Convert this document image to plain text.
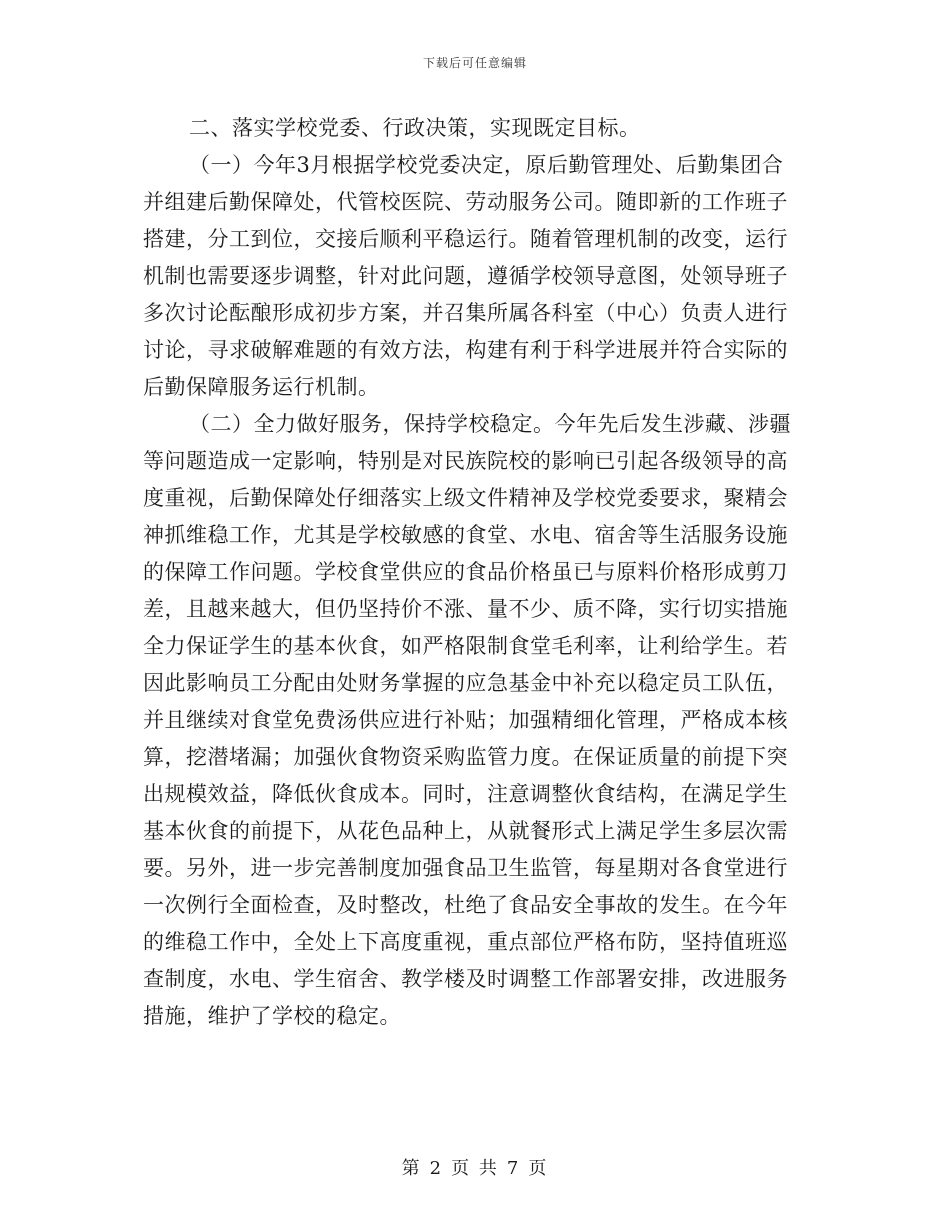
下载后可任意编辑
二、落实学校党委、行政决策，实现既定目标。
（一）今年3月根据学校党委决定，原后勤管理处、后勤集团合
并组建后勤保障处，代管校医院、劳动服务公司。随即新的工作班子
搭建，分工到位，交接后顺利平稳运行。随着管理机制的改变，运行
机制也需要逐步调整，针对此问题，遵循学校领导意图，处领导班子
多次讨论酝酿形成初步方案，并召集所属各科室（中心）负责人进行
讨论，寻求破解难题的有效方法，构建有利于科学进展并符合实际的
后勤保障服务运行机制。
（二）全力做好服务，保持学校稳定。今年先后发生涉藏、涉疆
等问题造成一定影响，特别是对民族院校的影响已引起各级领导的高
度重视，后勤保障处仔细落实上级文件精神及学校党委要求，聚精会
神抓维稳工作，尤其是学校敏感的食堂、水电、宿舍等生活服务设施
的保障工作问题。学校食堂供应的食品价格虽已与原料价格形成剪刀
差，且越来越大，但仍坚持价不涨、量不少、质不降，实行切实措施
全力保证学生的基本伙食，如严格限制食堂毛利率，让利给学生。若
因此影响员工分配由处财务掌握的应急基金中补充以稳定员工队伍，
并且继续对食堂免费汤供应进行补贴；加强精细化管理，严格成本核
算，挖潜堵漏；加强伙食物资采购监管力度。在保证质量的前提下突
出规模效益，降低伙食成本。同时，注意调整伙食结构，在满足学生
基本伙食的前提下，从花色品种上，从就餐形式上满足学生多层次需
要。另外，进一步完善制度加强食品卫生监管，每星期对各食堂进行
一次例行全面检查，及时整改，杜绝了食品安全事故的发生。在今年
的维稳工作中，全处上下高度重视，重点部位严格布防，坚持值班巡
查制度，水电、学生宿舍、教学楼及时调整工作部署安排，改进服务
措施，维护了学校的稳定。
第 2 页 共 7 页
